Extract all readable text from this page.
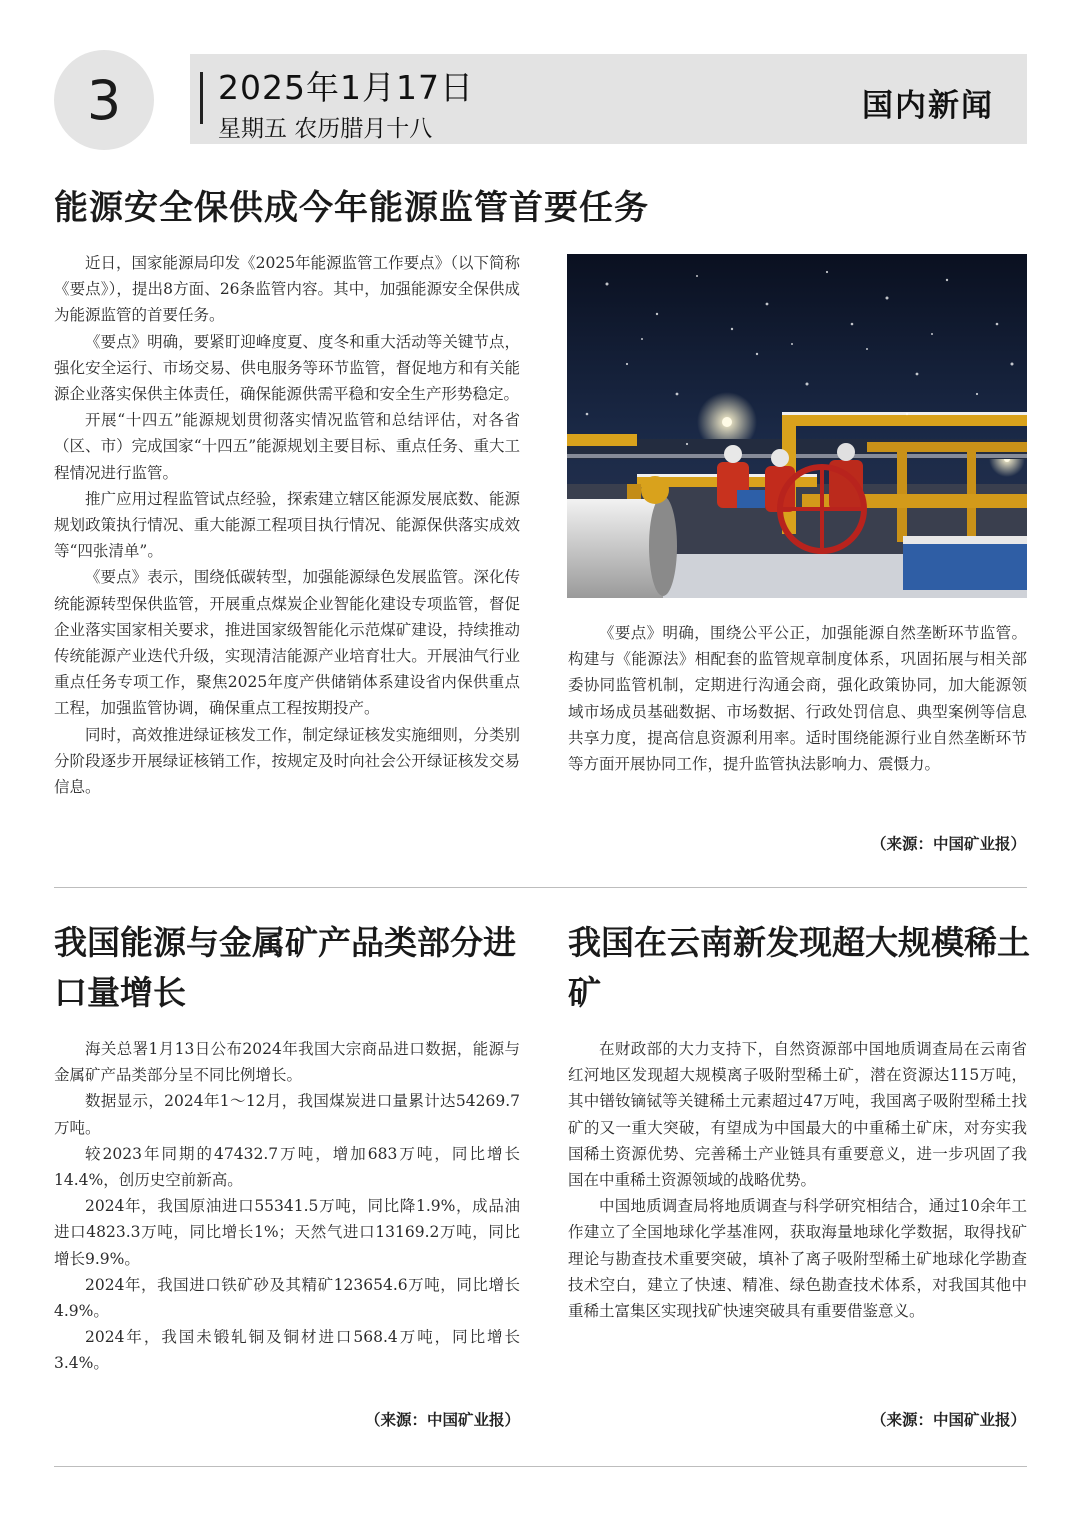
3	2025年1月17日
星期五 农历腊月十八
国内新闻
能源安全保供成今年能源监管首要任务

近日，国家能源局印发《2025年能源监管工作要点》（以下简称《要点》），提出8方面、26条监管内容。其中，加强能源安全保供成为能源监管的首要任务。

《要点》明确，要紧盯迎峰度夏、度冬和重大活动等关键节点，强化安全运行、市场交易、供电服务等环节监管，督促地方和有关能源企业落实保供主体责任，确保能源供需平稳和安全生产形势稳定。

开展“十四五”能源规划贯彻落实情况监管和总结评估，对各省（区、市）完成国家“十四五”能源规划主要目标、重点任务、重大工程情况进行监管。

推广应用过程监管试点经验，探索建立辖区能源发展底数、能源规划政策执行情况、重大能源工程项目执行情况、能源保供落实成效等“四张清单”。

《要点》表示，围绕低碳转型，加强能源绿色发展监管。深化传统能源转型保供监管，开展重点煤炭企业智能化建设专项监管，督促企业落实国家相关要求，推进国家级智能化示范煤矿建设，持续推动传统能源产业迭代升级，实现清洁能源产业培育壮大。开展油气行业重点任务专项工作，聚焦2025年度产供储销体系建设省内保供重点工程，加强监管协调，确保重点工程按期投产。

同时，高效推进绿证核发工作，制定绿证核发实施细则，分类别分阶段逐步开展绿证核销工作，按规定及时向社会公开绿证核发交易信息。

《要点》明确，围绕公平公正，加强能源自然垄断环节监管。构建与《能源法》相配套的监管规章制度体系，巩固拓展与相关部委协同监管机制，定期进行沟通会商，强化政策协同，加大能源领域市场成员基础数据、市场数据、行政处罚信息、典型案例等信息共享力度，提高信息资源利用率。适时围绕能源行业自然垄断环节等方面开展协同工作，提升监管执法影响力、震慑力。

（来源：中国矿业报）
我国能源与金属矿产品类部分进口量增长

海关总署1月13日公布2024年我国大宗商品进口数据，能源与金属矿产品类部分呈不同比例增长。

数据显示，2024年1～12月，我国煤炭进口量累计达54269.7万吨。

较2023年同期的47432.7万吨，增加683万吨，同比增长14.4%，创历史空前新高。

2024年，我国原油进口55341.5万吨，同比降1.9%，成品油进口4823.3万吨，同比增长1%；天然气进口13169.2万吨，同比增长9.9%。

2024年，我国进口铁矿砂及其精矿123654.6万吨，同比增长4.9%。

2024年，我国未锻轧铜及铜材进口568.4万吨，同比增长3.4%。

（来源：中国矿业报）
我国在云南新发现超大规模稀土矿

在财政部的大力支持下，自然资源部中国地质调查局在云南省红河地区发现超大规模离子吸附型稀土矿，潜在资源达115万吨，其中镨钕镝铽等关键稀土元素超过47万吨，我国离子吸附型稀土找矿的又一重大突破，有望成为中国最大的中重稀土矿床，对夯实我国稀土资源优势、完善稀土产业链具有重要意义，进一步巩固了我国在中重稀土资源领域的战略优势。

中国地质调查局将地质调查与科学研究相结合，通过10余年工作建立了全国地球化学基准网，获取海量地球化学数据，取得找矿理论与勘查技术重要突破，填补了离子吸附型稀土矿地球化学勘查技术空白，建立了快速、精准、绿色勘查技术体系，对我国其他中重稀土富集区实现找矿快速突破具有重要借鉴意义。

（来源：中国矿业报）
